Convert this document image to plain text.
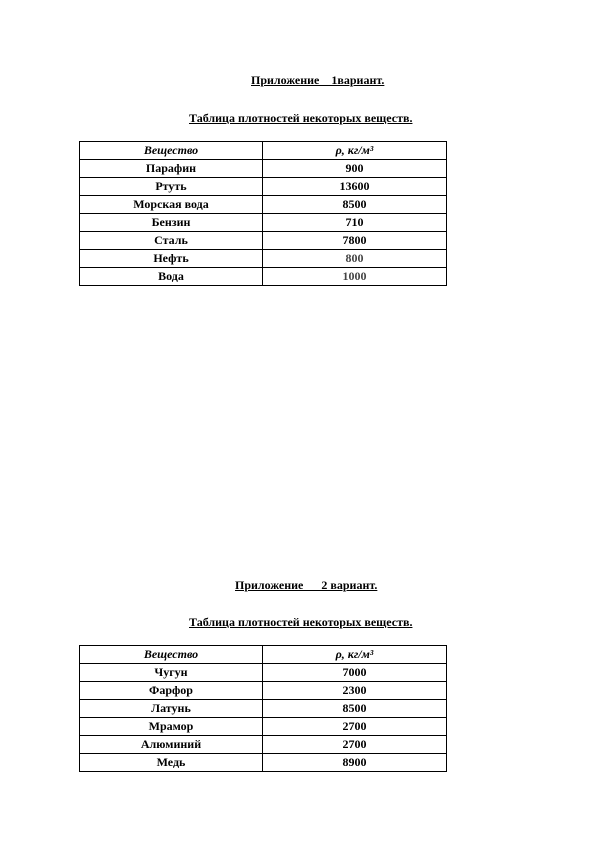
Приложение    1вариант.
Таблица плотностей некоторых веществ.
Вещество	ρ, кг/м³
Парафин	900
Ртуть	13600
Морская вода	8500
Бензин	710
Сталь	7800
Нефть	800
Вода	1000
Приложение      2 вариант.
Таблица плотностей некоторых веществ.
Вещество	ρ, кг/м³
Чугун	7000
Фарфор	2300
Латунь	8500
Мрамор	2700
Алюминий	2700
Медь	8900
